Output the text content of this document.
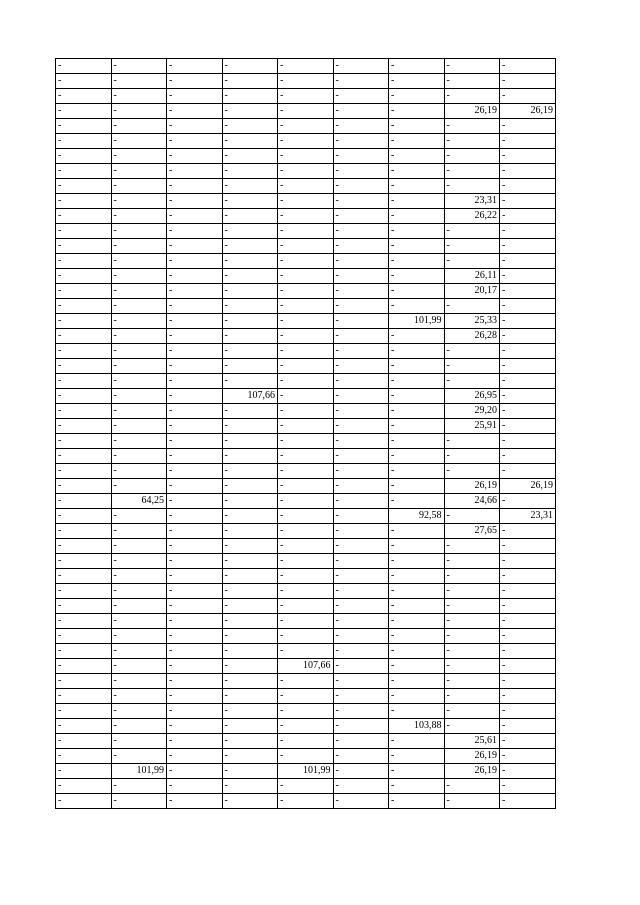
-	-	-	-	-	-	-	-	-
-	-	-	-	-	-	-	-	-
-	-	-	-	-	-	-	-	-
-	-	-	-	-	-	-	26,19	26,19
-	-	-	-	-	-	-	-	-
-	-	-	-	-	-	-	-	-
-	-	-	-	-	-	-	-	-
-	-	-	-	-	-	-	-	-
-	-	-	-	-	-	-	-	-
-	-	-	-	-	-	-	23,31	-
-	-	-	-	-	-	-	26,22	-
-	-	-	-	-	-	-	-	-
-	-	-	-	-	-	-	-	-
-	-	-	-	-	-	-	-	-
-	-	-	-	-	-	-	26,11	-
-	-	-	-	-	-	-	20,17	-
-	-	-	-	-	-	-	-	-
-	-	-	-	-	-	101,99	25,33	-
-	-	-	-	-	-	-	26,28	-
-	-	-	-	-	-	-	-	-
-	-	-	-	-	-	-	-	-
-	-	-	-	-	-	-	-	-
-	-	-	107,66	-	-	-	26,95	-
-	-	-	-	-	-	-	29,20	-
-	-	-	-	-	-	-	25,91	-
-	-	-	-	-	-	-	-	-
-	-	-	-	-	-	-	-	-
-	-	-	-	-	-	-	-	-
-	-	-	-	-	-	-	26,19	26,19
-	64,25	-	-	-	-	-	24,66	-
-	-	-	-	-	-	92,58	-	23,31
-	-	-	-	-	-	-	27,65	-
-	-	-	-	-	-	-	-	-
-	-	-	-	-	-	-	-	-
-	-	-	-	-	-	-	-	-
-	-	-	-	-	-	-	-	-
-	-	-	-	-	-	-	-	-
-	-	-	-	-	-	-	-	-
-	-	-	-	-	-	-	-	-
-	-	-	-	-	-	-	-	-
-	-	-	-	107,66	-	-	-	-
-	-	-	-	-	-	-	-	-
-	-	-	-	-	-	-	-	-
-	-	-	-	-	-	-	-	-
-	-	-	-	-	-	103,88	-	-
-	-	-	-	-	-	-	25,61	-
-	-	-	-	-	-	-	26,19	-
-	101,99	-	-	101,99	-	-	26,19	-
-	-	-	-	-	-	-	-	-
-	-	-	-	-	-	-	-	-
